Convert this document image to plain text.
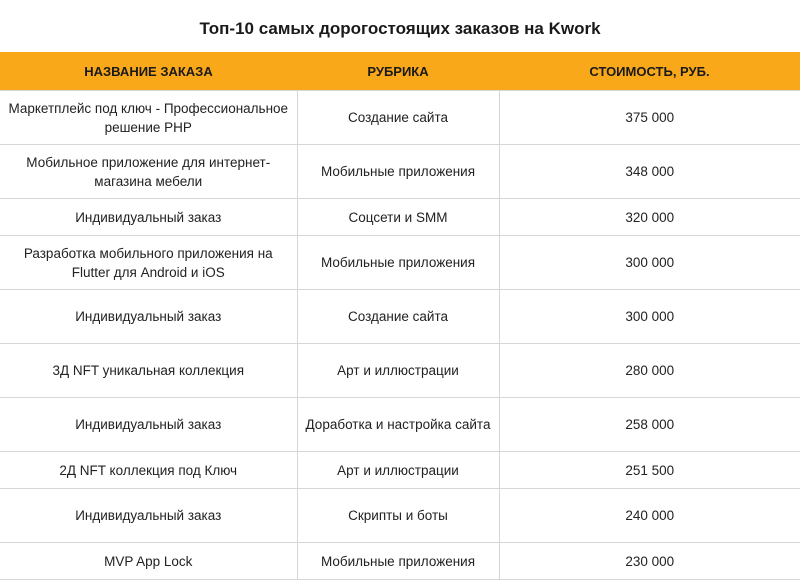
Топ-10 самых дорогостоящих заказов на Kwork
НАЗВАНИЕ ЗАКАЗА	РУБРИКА	СТОИМОСТЬ, РУБ.
Маркетплейс под ключ - Профессиональное решение PHP	Создание сайта	375 000
Мобильное приложение для интернет-магазина мебели	Мобильные приложения	348 000
Индивидуальный заказ	Соцсети и SMM	320 000
Разработка мобильного приложения на Flutter для Android и iOS	Мобильные приложения	300 000
Индивидуальный заказ	Создание сайта	300 000
3Д NFT уникальная коллекция	Арт и иллюстрации	280 000
Индивидуальный заказ	Доработка и настройка сайта	258 000
2Д NFT коллекция под Ключ	Арт и иллюстрации	251 500
Индивидуальный заказ	Скрипты и боты	240 000
MVP App Lock	Мобильные приложения	230 000
